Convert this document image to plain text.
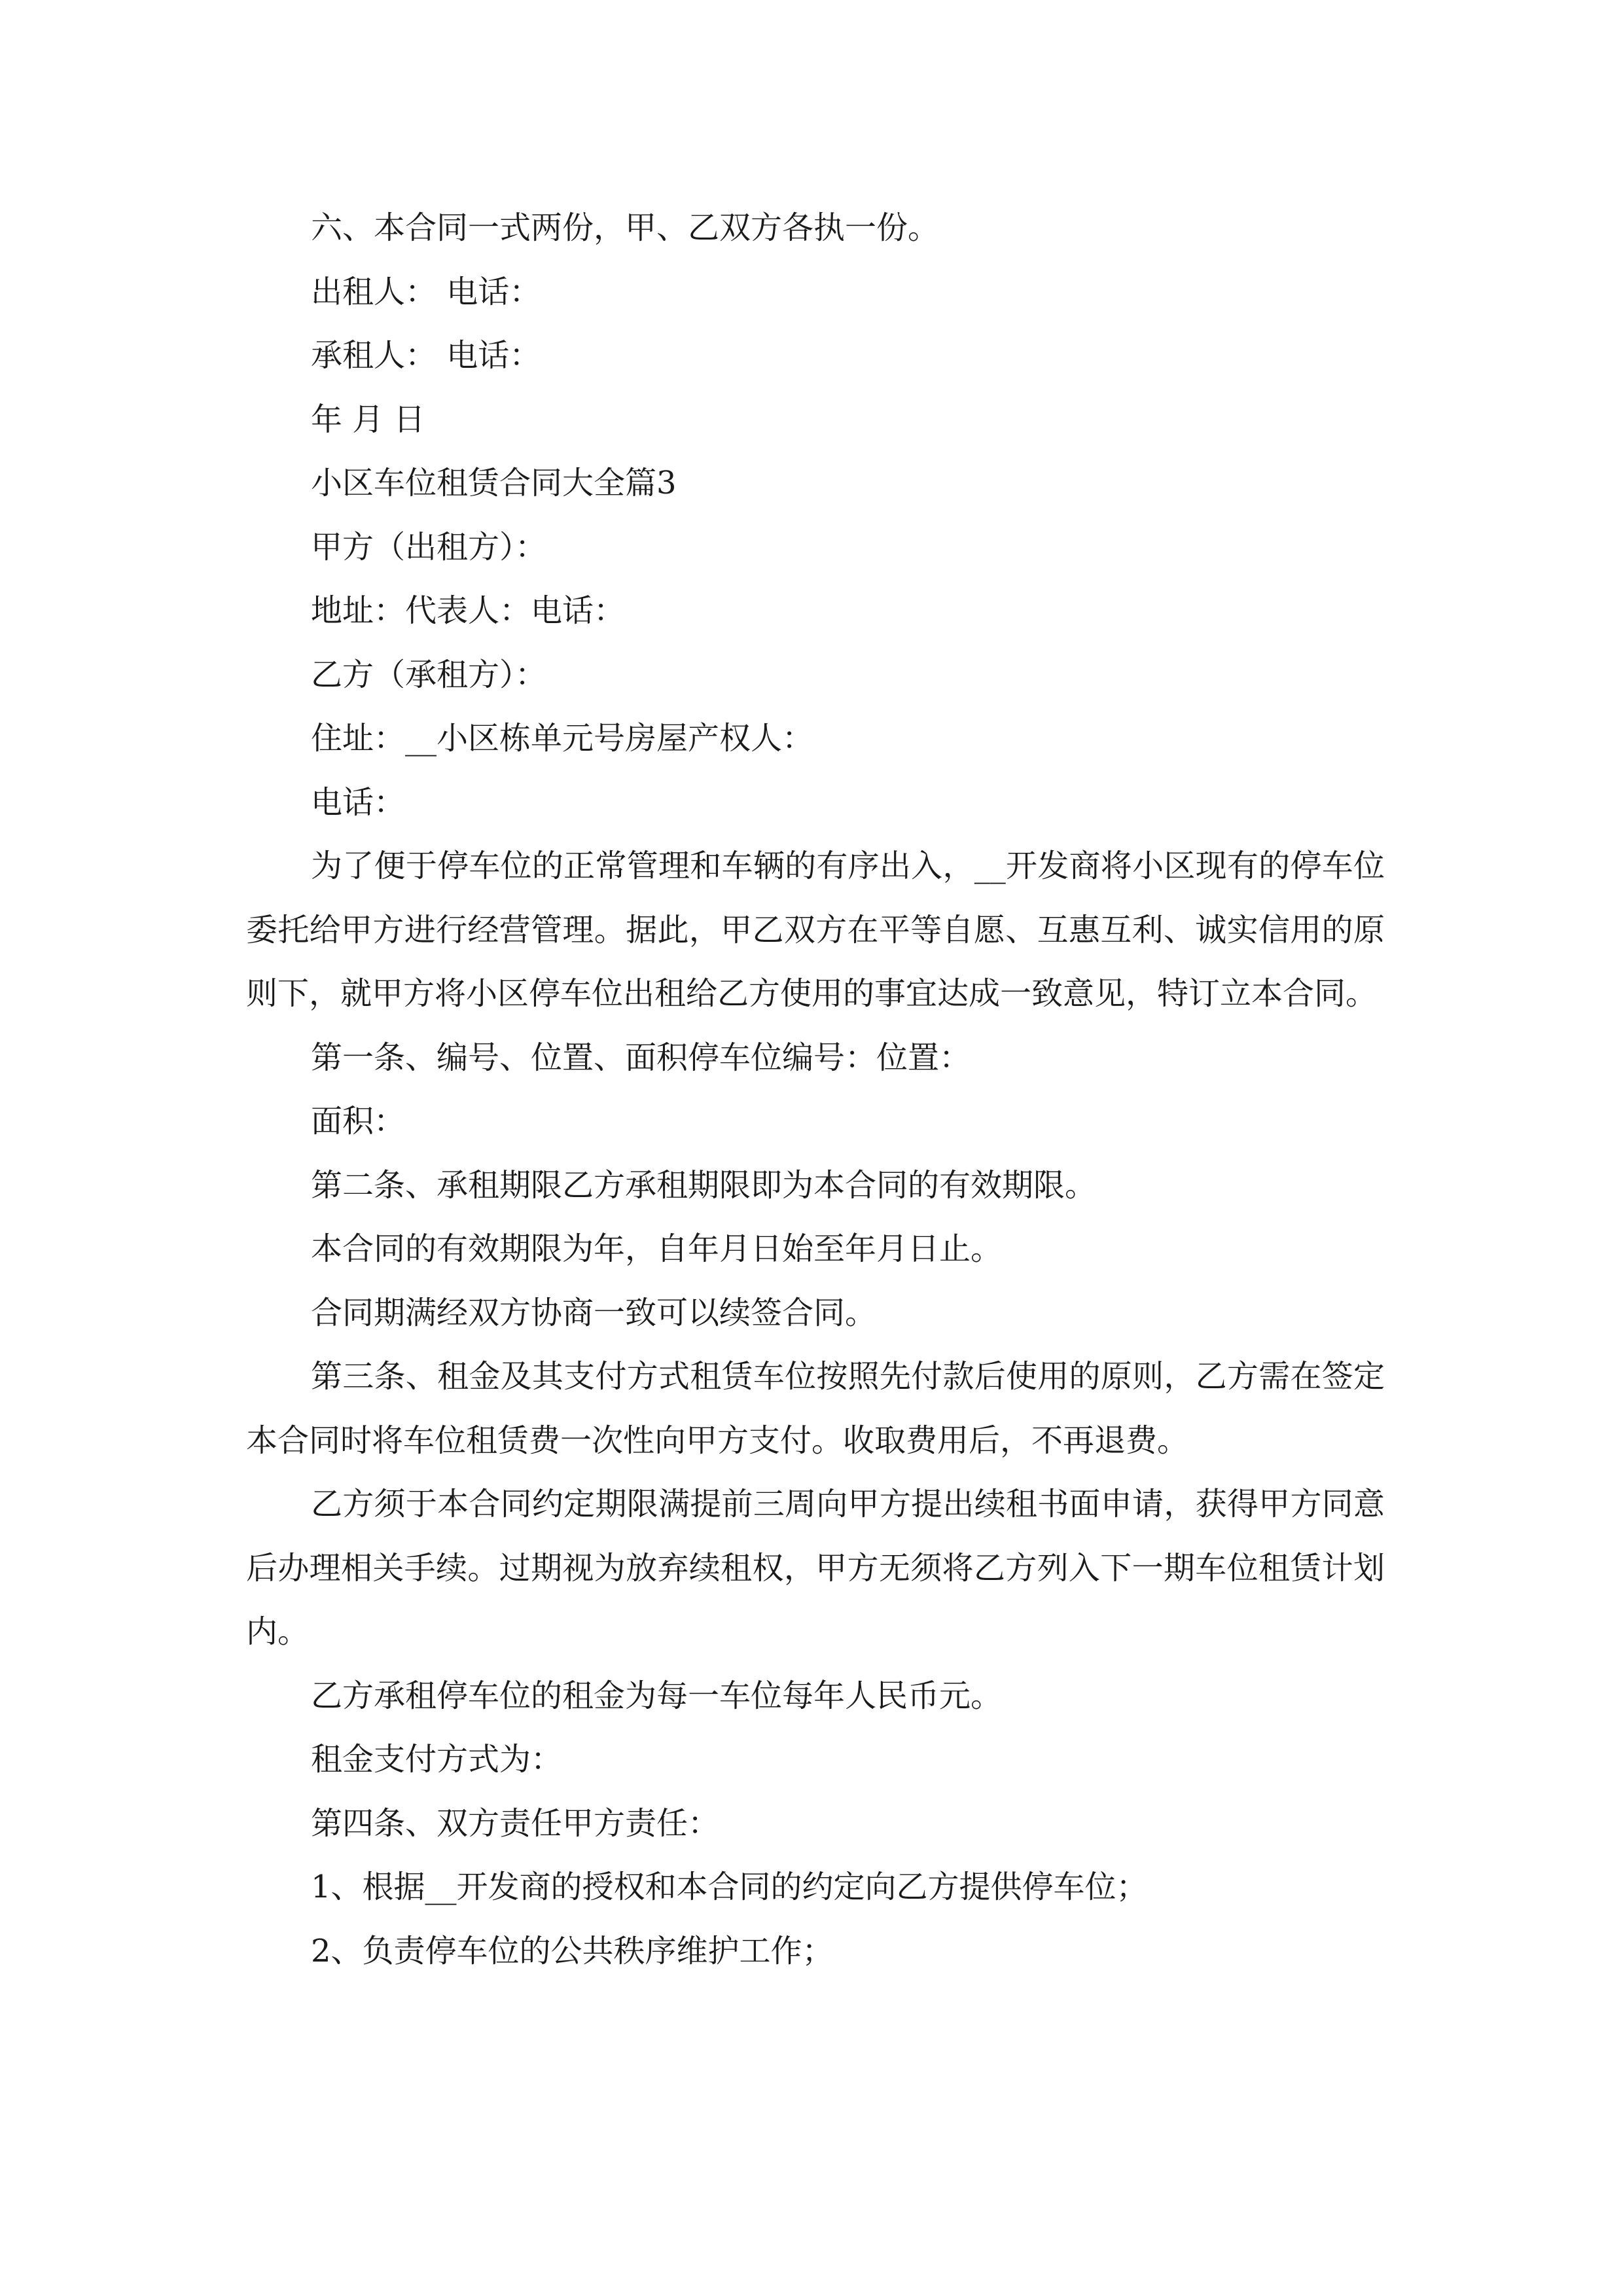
六、本合同一式两份，甲、乙双方各执一份。

出租人： 电话：

承租人： 电话：

年 月 日

小区车位租赁合同大全篇3

甲方（出租方）：

地址：代表人：电话：

乙方（承租方）：

住址：__小区栋单元号房屋产权人：

电话：

为了便于停车位的正常管理和车辆的有序出入，__开发商将小区现有的停车位委托给甲方进行经营管理。据此，甲乙双方在平等自愿、互惠互利、诚实信用的原则下，就甲方将小区停车位出租给乙方使用的事宜达成一致意见，特订立本合同。

第一条、编号、位置、面积停车位编号：位置：

面积：

第二条、承租期限乙方承租期限即为本合同的有效期限。

本合同的有效期限为年，自年月日始至年月日止。

合同期满经双方协商一致可以续签合同。

第三条、租金及其支付方式租赁车位按照先付款后使用的原则，乙方需在签定本合同时将车位租赁费一次性向甲方支付。收取费用后，不再退费。

乙方须于本合同约定期限满提前三周向甲方提出续租书面申请，获得甲方同意后办理相关手续。过期视为放弃续租权，甲方无须将乙方列入下一期车位租赁计划内。

乙方承租停车位的租金为每一车位每年人民币元。

租金支付方式为：

第四条、双方责任甲方责任：

1、根据__开发商的授权和本合同的约定向乙方提供停车位；

2、负责停车位的公共秩序维护工作；
